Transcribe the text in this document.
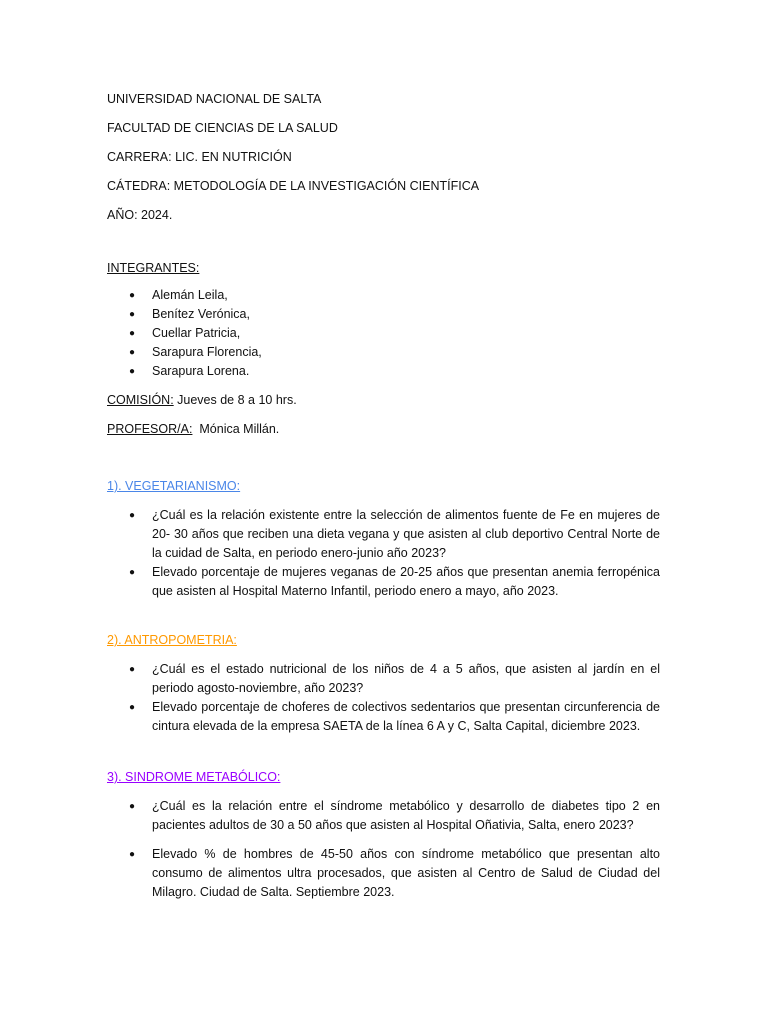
UNIVERSIDAD NACIONAL DE SALTA

FACULTAD DE CIENCIAS DE LA SALUD

CARRERA: LIC. EN NUTRICIÓN

CÁTEDRA: METODOLOGÍA DE LA INVESTIGACIÓN CIENTÍFICA

AÑO: 2024.

INTEGRANTES:

● Alemán Leila,
● Benítez Verónica,
● Cuellar Patricia,
● Sarapura Florencia,
● Sarapura Lorena.

COMISIÓN: Jueves de 8 a 10 hrs.

PROFESOR/A:  Mónica Millán.

1). VEGETARIANISMO:

● ¿Cuál es la relación existente entre la selección de alimentos fuente de Fe en mujeres de 20- 30 años que reciben una dieta vegana y que asisten al club deportivo Central Norte de la cuidad de Salta, en periodo enero-junio año 2023?
● Elevado porcentaje de mujeres veganas de 20-25 años que presentan anemia ferropénica que asisten al Hospital Materno Infantil, periodo enero a mayo, año 2023.

2). ANTROPOMETRIA:

● ¿Cuál es el estado nutricional de los niños de 4 a 5 años, que asisten al jardín en el periodo agosto-noviembre, año 2023?
● Elevado porcentaje de choferes de colectivos sedentarios que presentan circunferencia de cintura elevada de la empresa SAETA de la línea 6 A y C, Salta Capital, diciembre 2023.

3). SINDROME METABÓLICO:

● ¿Cuál es la relación entre el síndrome metabólico y desarrollo de diabetes tipo 2 en pacientes adultos de 30 a 50 años que asisten al Hospital Oñativia, Salta, enero 2023?
● Elevado % de hombres de 45-50 años con síndrome metabólico que presentan alto consumo de alimentos ultra procesados, que asisten al Centro de Salud de Ciudad del Milagro. Ciudad de Salta. Septiembre 2023.
